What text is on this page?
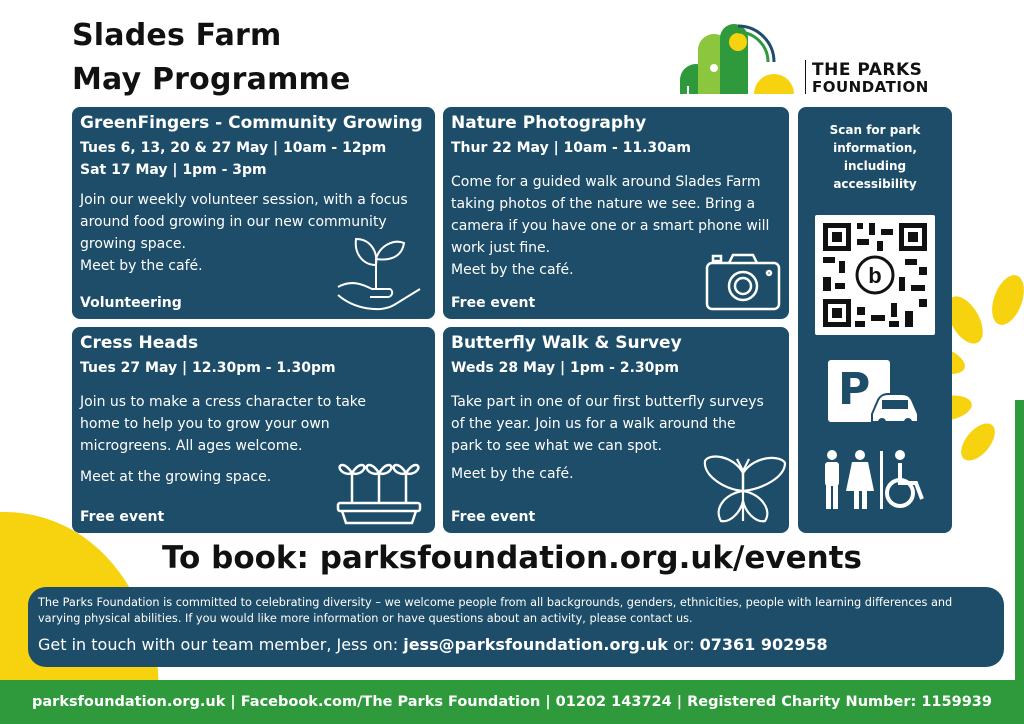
Slades Farm
May Programme	THE PARKS
FOUNDATION
GreenFingers - Community Growing
Tues 6, 13, 20 & 27 May | 10am - 12pm
Sat 17 May | 1pm - 3pm
Join our weekly volunteer session, with a focus around food growing in our new community growing space.
Meet by the café.
Volunteering
Nature Photography
Thur 22 May | 10am - 11.30am
Come for a guided walk around Slades Farm taking photos of the nature we see. Bring a camera if you have one or a smart phone will work just fine.
Meet by the café.
Free event
Cress Heads
Tues 27 May | 12.30pm - 1.30pm
Join us to make a cress character to take home to help you to grow your own microgreens. All ages welcome.
Meet at the growing space.
Free event
Butterfly Walk & Survey
Weds 28 May | 1pm - 2.30pm
Take part in one of our first butterfly surveys of the year. Join us for a walk around the park to see what we can spot.
Meet by the café.
Free event
Scan for park information, including accessibility
b
P
To book: parksfoundation.org.uk/events
The Parks Foundation is committed to celebrating diversity – we welcome people from all backgrounds, genders, ethnicities, people with learning differences and varying physical abilities. If you would like more information or have questions about an activity, please contact us.
Get in touch with our team member, Jess on: jess@parksfoundation.org.uk or: 07361 902958
parksfoundation.org.uk | Facebook.com/The Parks Foundation | 01202 143724 | Registered Charity Number: 1159939
